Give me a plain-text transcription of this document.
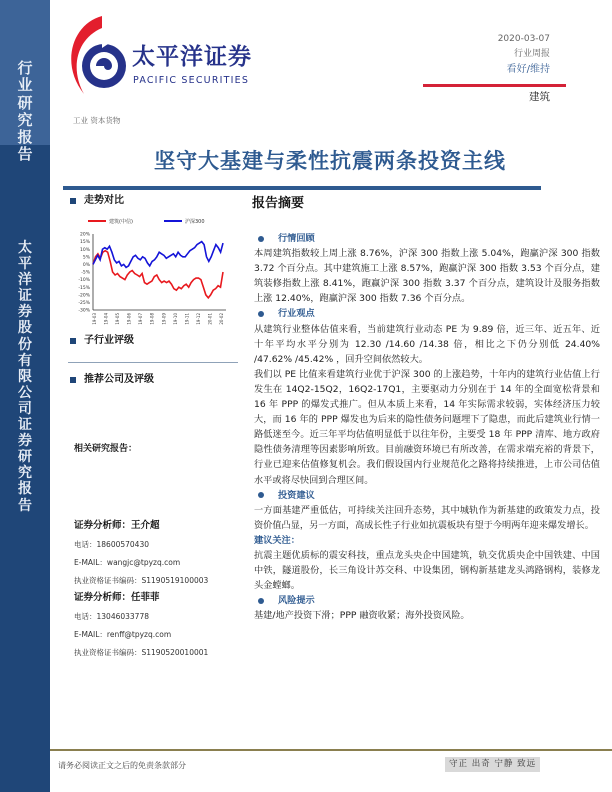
行
业
研
究
报
告
太
平
洋
证
券
股
份
有
限
公
司
证
券
研
究
报
告
太平洋证券
PACIFIC SECURITIES
2020-03-07
行业周报
看好/维持
建筑
工业 资本货物
坚守大基建与柔性抗震两条投资主线
走势对比
建筑(中信)	沪深300
20%
15%
10%
5%
0%
-5%
-10%
-15%
-20%
-25%
-30%
19-03 19-04 19-05 19-06 19-07 19-08 19-09 19-10 19-11 19-12 20-01 20-02
子行业评级
推荐公司及评级
相关研究报告：
证券分析师：王介超
电话：18600570430
E-MAIL：wangjc@tpyzq.com
执业资格证书编码：S1190519100003
证券分析师：任菲菲
电话：13046033778
E-MAIL：renff@tpyzq.com
执业资格证书编码：S1190520010001
报告摘要
行情回顾

本周建筑指数较上周上涨 8.76%，沪深 300 指数上涨 5.04%，跑赢沪深 300 指数 3.72 个百分点。其中建筑施工上涨 8.57%，跑赢沪深 300 指数 3.53 个百分点，建筑装修指数上涨 8.41%，跑赢沪深 300 指数 3.37 个百分点，建筑设计及服务指数上涨 12.40%，跑赢沪深 300 指数 7.36 个百分点。

行业观点

从建筑行业整体估值来看，当前建筑行业动态 PE 为 9.89 倍，近三年、近五年、近十年平均水平分别为 12.30 /14.60 /14.38 倍，相比之下仍分别低 24.40% /47.62% /45.42% ，回升空间依然较大。

我们以 PE 比值来看建筑行业优于沪深 300 的上涨趋势，十年内的建筑行业估值上行发生在 14Q2-15Q2，16Q2-17Q1，主要驱动力分别在于 14 年的全面宽松背景和 16 年 PPP 的爆发式推广。但从本质上来看，14 年实际需求较弱，实体经济压力较大，而 16 年的 PPP 爆发也为后来的隐性债务问题埋下了隐患，而此后建筑业行情一路低迷至今。近三年平均估值明显低于以往年份，主要受 18 年 PPP 清库、地方政府隐性债务清理等因素影响所致。目前融资环境已有所改善，在需求端充裕的背景下，行业已迎来估值修复机会。我们假设国内行业规范化之路将持续推进，上市公司估值水平或将尽快回到合理区间。

投资建议

一方面基建严重低估，可持续关注回升态势，其中城轨作为新基建的政策发力点，投资价值凸显，另一方面，高成长性子行业如抗震板块有望于今明两年迎来爆发增长。

建议关注：

抗震主题优质标的震安科技，重点龙头央企中国建筑，轨交优质央企中国铁建、中国中铁，隧道股份，长三角设计苏交科、中设集团，钢构新基建龙头鸿路钢构，装修龙头金螳螂。

风险提示

基建/地产投资下滑；PPP 融资收紧；海外投资风险。

请务必阅读正文之后的免责条款部分	守正 出奇 宁静 致远
